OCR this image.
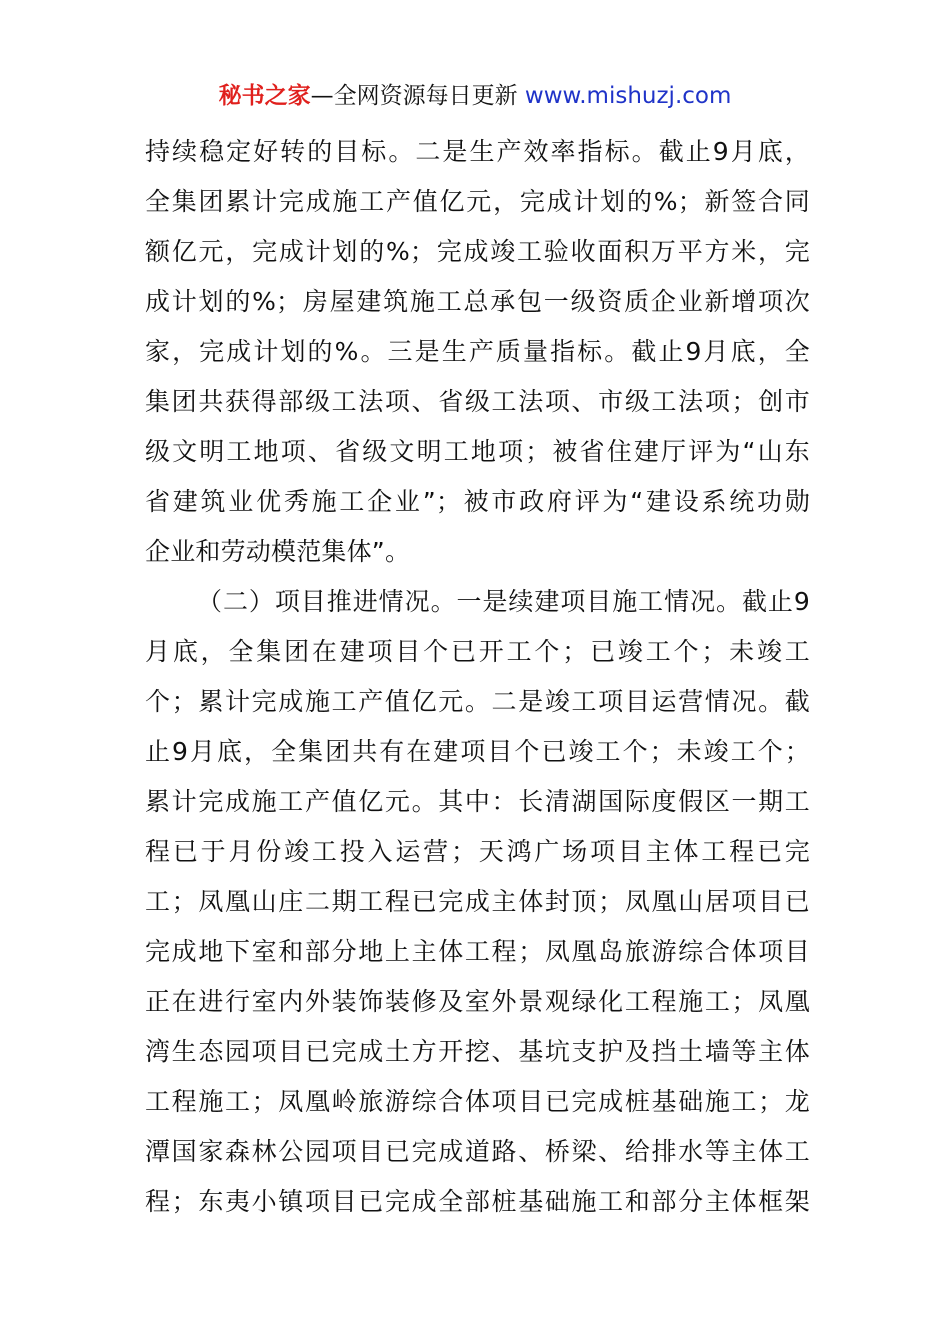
秘书之家—全网资源每日更新 www.mishuzj.com
持续稳定好转的目标。二是生产效率指标。截止9月底，
全集团累计完成施工产值亿元，完成计划的%；新签合同
额亿元，完成计划的%；完成竣工验收面积万平方米，完
成计划的%；房屋建筑施工总承包一级资质企业新增项次
家，完成计划的%。三是生产质量指标。截止9月底，全
集团共获得部级工法项、省级工法项、市级工法项；创市
级文明工地项、省级文明工地项；被省住建厅评为“山东
省建筑业优秀施工企业”；被市政府评为“建设系统功勋
企业和劳动模范集体”。
（二）项目推进情况。一是续建项目施工情况。截止9
月底，全集团在建项目个已开工个；已竣工个；未竣工
个；累计完成施工产值亿元。二是竣工项目运营情况。截
止9月底，全集团共有在建项目个已竣工个；未竣工个；
累计完成施工产值亿元。其中：长清湖国际度假区一期工
程已于月份竣工投入运营；天鸿广场项目主体工程已完
工；凤凰山庄二期工程已完成主体封顶；凤凰山居项目已
完成地下室和部分地上主体工程；凤凰岛旅游综合体项目
正在进行室内外装饰装修及室外景观绿化工程施工；凤凰
湾生态园项目已完成土方开挖、基坑支护及挡土墙等主体
工程施工；凤凰岭旅游综合体项目已完成桩基础施工；龙
潭国家森林公园项目已完成道路、桥梁、给排水等主体工
程；东夷小镇项目已完成全部桩基础施工和部分主体框架
